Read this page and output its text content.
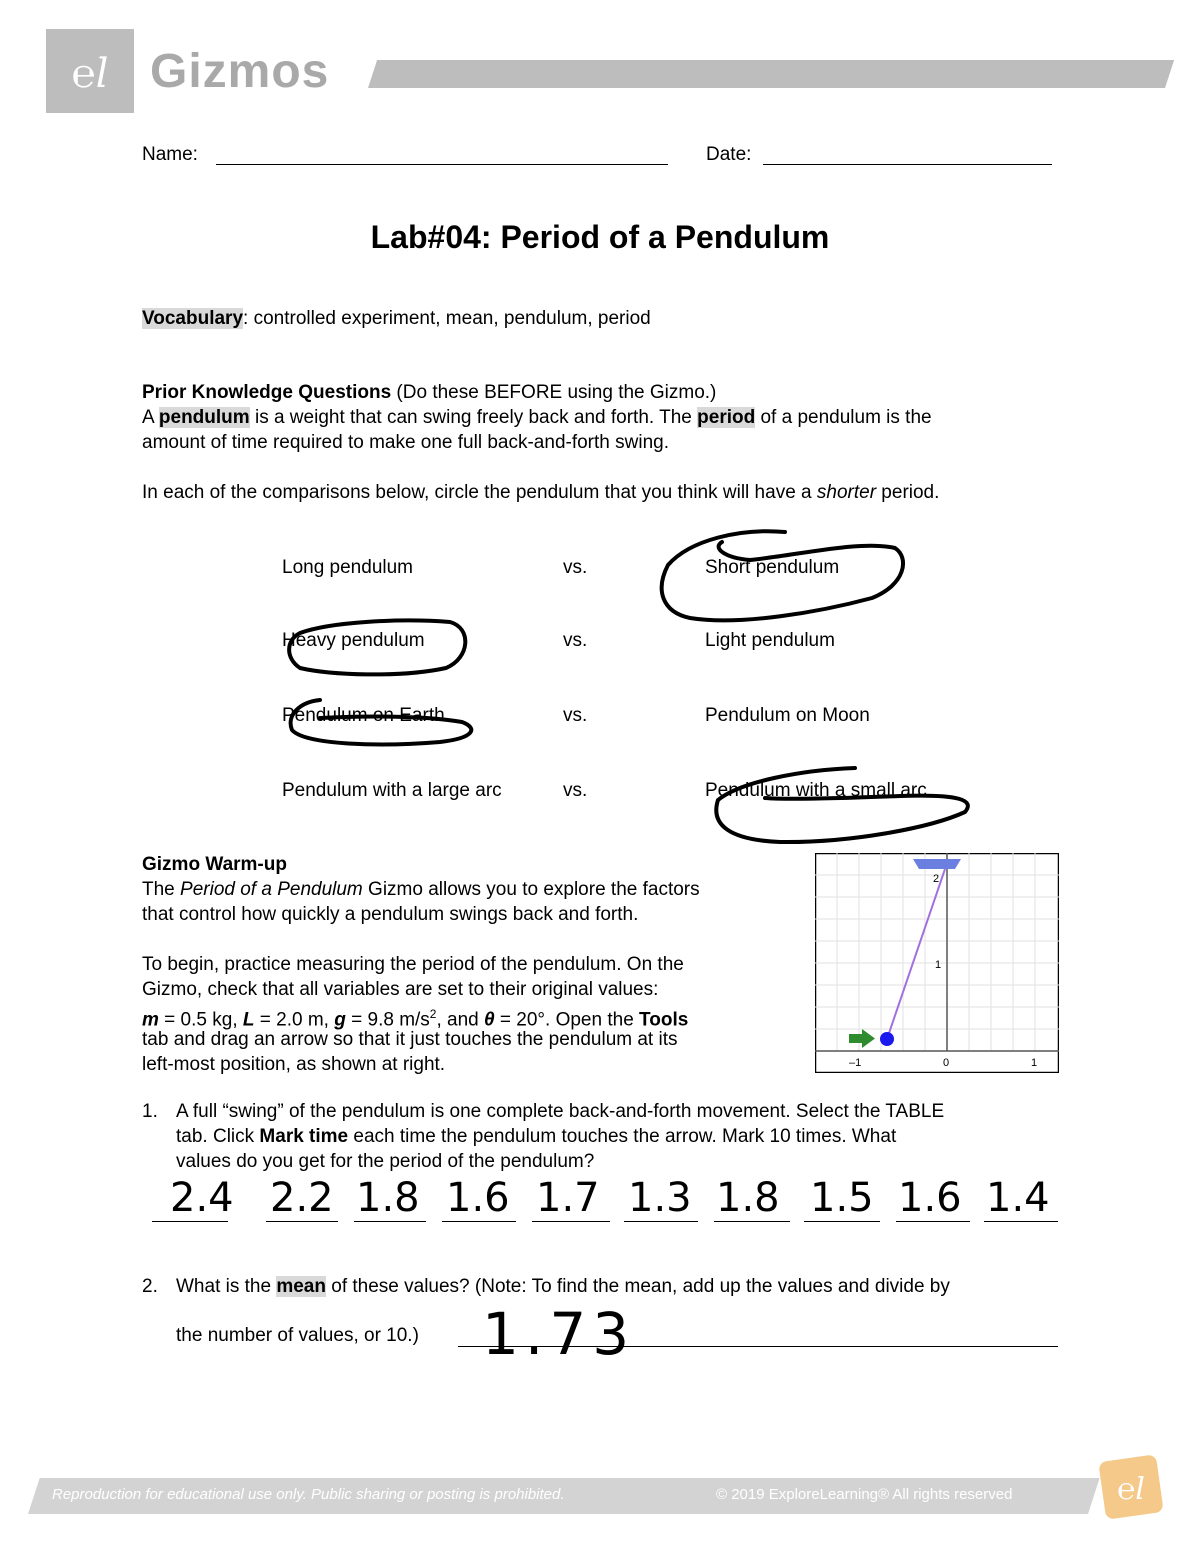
℮l Gizmos
Name:	Date:
Lab#04: Period of a Pendulum
Vocabulary: controlled experiment, mean, pendulum, period
Prior Knowledge Questions (Do these BEFORE using the Gizmo.)
A pendulum is a weight that can swing freely back and forth. The period of a pendulum is the
amount of time required to make one full back-and-forth swing.
In each of the comparisons below, circle the pendulum that you think will have a shorter period.
Long pendulum	vs.	Short pendulum
Heavy pendulum	vs.	Light pendulum
Pendulum on Earth	vs.	Pendulum on Moon
Pendulum with a large arc	vs.	Pendulum with a small arc
Gizmo Warm-up
The Period of a Pendulum Gizmo allows you to explore the factors
that control how quickly a pendulum swings back and forth.
To begin, practice measuring the period of the pendulum. On the
Gizmo, check that all variables are set to their original values:
m = 0.5 kg, L = 2.0 m, g = 9.8 $m/s^2$, and θ = 20°. Open the Tools
tab and drag an arrow so that it just touches the pendulum at its
left-most position, as shown at right.
2
1
–1	0	1
1. A full “swing” of the pendulum is one complete back-and-forth movement. Select the TABLE
tab. Click Mark time each time the pendulum touches the arrow. Mark 10 times. What
values do you get for the period of the pendulum?
2.4 2.2 1.8 1.6 1.7 1.3 1.8 1.5 1.6 1.4
2. What is the mean of these values? (Note: To find the mean, add up the values and divide by
the number of values, or 10.) 1.73
Reproduction for educational use only. Public sharing or posting is prohibited.	© 2019 ExploreLearning® All rights reserved	℮l
